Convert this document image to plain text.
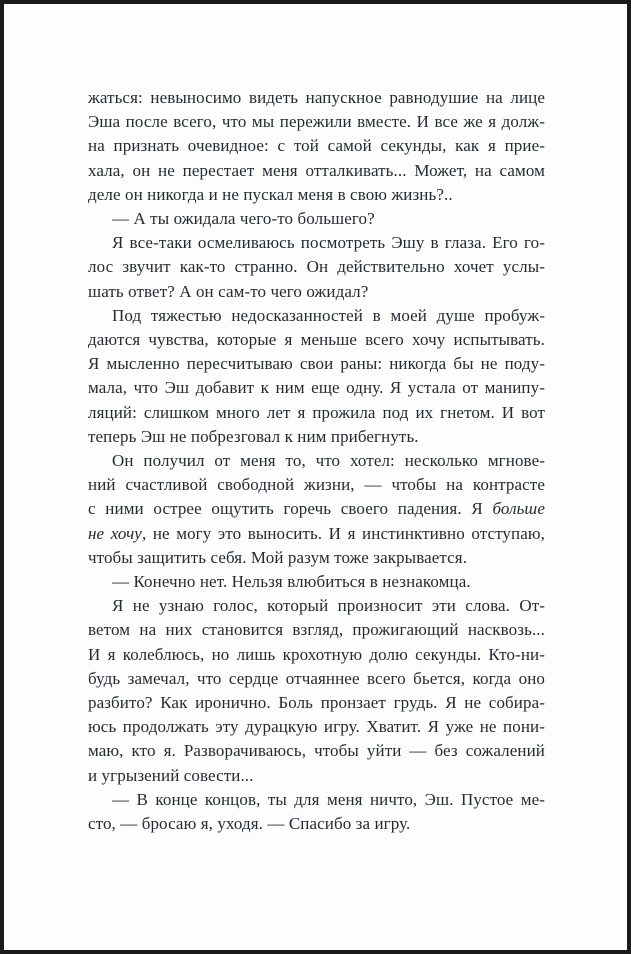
жаться: невыносимо видеть напускное равнодушие на лице
Эша после всего, что мы пережили вместе. И все же я долж-
на признать очевидное: с той самой секунды, как я прие-
хала, он не перестает меня отталкивать... Может, на самом
деле он никогда и не пускал меня в свою жизнь?..
— А ты ожидала чего-то большего?
Я все-таки осмеливаюсь посмотреть Эшу в глаза. Его го-
лос звучит как-то странно. Он действительно хочет услы-
шать ответ? А он сам-то чего ожидал?
Под тяжестью недосказанностей в моей душе пробуж-
даются чувства, которые я меньше всего хочу испытывать.
Я мысленно пересчитываю свои раны: никогда бы не поду-
мала, что Эш добавит к ним еще одну. Я устала от манипу-
ляций: слишком много лет я прожила под их гнетом. И вот
теперь Эш не побрезговал к ним прибегнуть.
Он получил от меня то, что хотел: несколько мгнове-
ний счастливой свободной жизни, — чтобы на контрасте
с ними острее ощутить горечь своего падения. Я больше
не хочу, не могу это выносить. И я инстинктивно отступаю,
чтобы защитить себя. Мой разум тоже закрывается.
— Конечно нет. Нельзя влюбиться в незнакомца.
Я не узнаю голос, который произносит эти слова. От-
ветом на них становится взгляд, прожигающий насквозь...
И я колеблюсь, но лишь крохотную долю секунды. Кто-ни-
будь замечал, что сердце отчаяннее всего бьется, когда оно
разбито? Как иронично. Боль пронзает грудь. Я не собира-
юсь продолжать эту дурацкую игру. Хватит. Я уже не пони-
маю, кто я. Разворачиваюсь, чтобы уйти — без сожалений
и угрызений совести...
— В конце концов, ты для меня ничто, Эш. Пустое ме-
сто, — бросаю я, уходя. — Спасибо за игру.
